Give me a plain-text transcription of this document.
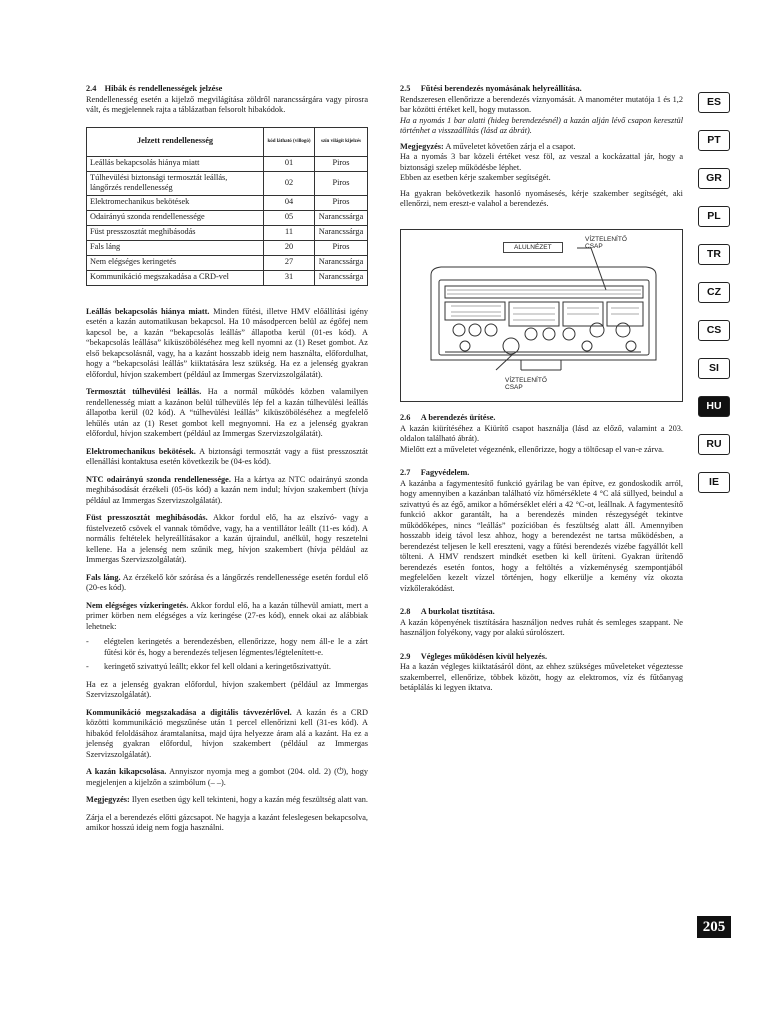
2.4    Hibák és rendellenességek jelzése

Rendellenesség esetén a kijelző megvilágítása zöldről narancssárgára vagy pirosra vált, és megjelennek rajta a táblázatban felsorolt hibakódok.

Jelzett rendellenesség	kód látható (villogó)	szín világít kijelzés
Leállás bekapcsolás hiánya miatt	01	Piros
Túlhevülési biztonsági termosztát leállás, lángőrzés rendellenesség	02	Piros
Elektromechanikus bekötések	04	Piros
Odairányú szonda rendellenessége	05	Narancssárga
Füst presszosztát meghibásodás	11	Narancssárga
Fals láng	20	Piros
Nem elégséges keringetés	27	Narancssárga
Kommunikáció megszakadása a CRD-vel	31	Narancssárga

Leállás bekapcsolás hiánya miatt. Minden fűtési, illetve HMV előállítási igény esetén a kazán automatikusan bekapcsol. Ha 10 másodpercen belül az égőfej nem kapcsol be, a kazán “bekapcsolás leállás” állapotba kerül (01-es kód). A “bekapcsolás leállása” kiküszöböléséhez meg kell nyomni az (1) Reset gombot. Az első bekapcsolásnál, vagy, ha a kazánt hosszabb ideig nem használta, előfordulhat, hogy a “bekapcsolási leállás” kiiktatására lesz szükség. Ha ez a jelenség gyakran előfordul, hívjon szakembert (például az Immergas Szervizszolgálatát).

Termosztát túlhevülési leállás. Ha a normál működés közben valamilyen rendellenesség miatt a kazánon belül túlhevülés lép fel a kazán túlhevülési leállás állapotba kerül (02 kód). A “túlhevülési leállás” kiküszöböléséhez a megfelelő lehűlés után az (1) Reset gombot kell megnyomni. Ha ez a jelenség gyakran előfordul, hívjon szakembert (például az Immergas Szervizszolgálatát).

Elektromechanikus bekötések. A biztonsági termosztát vagy a füst presszosztát ellenállási kontaktusa esetén következik be (04-es kód).

NTC odairányú szonda rendellenessége. Ha a kártya az NTC odairányú szonda meghibásodását érzékeli (05-ös kód) a kazán nem indul; hívjon szakembert (hívja például az Immergas Szervizszolgálatát).

Füst presszosztát meghibásodás. Akkor fordul elő, ha az elszívó- vagy a füstelvezető csövek el vannak tömődve, vagy, ha a ventillátor leállt (11-es kód). A normális feltételek helyreállításakor a kazán újraindul, anélkül, hogy reszetelni kellene. Ha a jelenség nem szűnik meg, hívjon szakembert (hívja például az Immergas Szervizszolgálatát).

Fals láng. Az érzékelő kör szórása és a lángőrzés rendellenessége esetén fordul elő (20-es kód).

Nem elégséges vízkeringetés. Akkor fordul elő, ha a kazán túlhevül amiatt, mert a primer körben nem elégséges a víz keringése (27-es kód), ennek okai az alábbiak lehetnek:

- elégtelen keringetés a berendezésben, ellenőrizze, hogy nem áll-e le a zárt fűtési kör és, hogy a berendezés teljesen légmentes/légtelenített-e.
- keringető szivattyú leállt; ekkor fel kell oldani a keringetőszivattyút.

Ha ez a jelenség gyakran előfordul, hívjon szakembert (például az Immergas Szervizszolgálatát).

Kommunikáció megszakadása a digitális távvezérlővel. A kazán és a CRD közötti kommunikáció megszűnése után 1 percel ellenőrizni kell (31-es kód). A hibakód feloldásához áramtalanítsa, majd újra helyezze áram alá a kazánt. Ha ez a jelenség gyakran előfordul, hívjon szakembert (például az Immergas Szervizszolgálatát).

A kazán kikapcsolása. Annyiszor nyomja meg a gombot (204. old. 2) (⏻), hogy megjelenjen a kijelzőn a szimbólum (– –).

Megjegyzés: Ilyen esetben úgy kell tekinteni, hogy a kazán még feszültség alatt van.

Zárja el a berendezés előtti gázcsapot. Ne hagyja a kazánt feleslegesen bekapcsolva, amikor hosszú ideig nem fogja használni.

2.5     Fűtési berendezés nyomásának helyreállítása.

Rendszeresen ellenőrizze a berendezés víznyomását. A manométer mutatója 1 és 1,2 bar közötti értéket kell, hogy mutasson.
Ha a nyomás 1 bar alatti (hideg berendezésnél) a kazán alján lévő csapon keresztül történhet a visszaállítás (lásd az ábrát).

Megjegyzés: A műveletet követően zárja el a csapot.

Ha a nyomás 3 bar közeli értéket vesz föl, az veszal a kockázattal jár, hogy a biztonsági szelep működésbe léphet.

Ebben az esetben kérje szakember segítségét.

Ha gyakran bekövetkezik hasonló nyomásesés, kérje szakember segítségét, aki ellenőrzi, nem ereszt-e valahol a berendezés.

ALULNÉZET
VÍZTELENÍTŐ CSAP
VÍZTELENÍTŐ CSAP

2.6     A berendezés ürítése.

A kazán kiürítéséhez a Kiürítő csapot használja (lásd az előző, valamint a 203. oldalon található ábrát).

Mielőtt ezt a műveletet végeznénk, ellenőrizze, hogy a töltőcsap el van-e zárva.

2.7     Fagyvédelem.

A kazánba a fagymentesítő funkció gyárilag be van építve, ez gondoskodik arról, hogy amennyiben a kazánban található víz hőmérséklete 4 °C alá süllyed, beindul a szivattyú és az égő, amikor a hőmérséklet eléri a 42 °C-ot, leállnak. A fagymentesítő funkció akkor garantált, ha a berendezés minden részegységét tekintve működőképes, nincs “leállás” pozícióban és feszültség alatt áll. Amennyiben hosszabb ideig távol lesz ahhoz, hogy a berendezést ne tartsa működésben, a berendezést teljesen le kell ereszteni, vagy a fűtési berendezés vizébe fagyállót kell tölteni. A HMV rendszert mindkét esetben ki kell üríteni. Gyakran ürítendő berendezés esetén fontos, hogy a feltöltés a vízkeménység szempontjából megfelelően kezelt vízzel történjen, hogy elkerülje a kemény víz okozta vízkőlerakódást.

2.8     A burkolat tisztítása.

A kazán köpenyének tisztítására használjon nedves ruhát és semleges szappant. Ne használjon folyékony, vagy por alakú súrolószert.

2.9     Végleges működésen kívül helyezés.

Ha a kazán végleges kiiktatásáról dönt, az ehhez szükséges műveleteket végeztesse szakemberrel, ellenőrize, többek között, hogy az elektromos, víz és fűtőanyag betáplálás ki legyen iktatva.

ES
PT
GR
PL
TR
CZ
CS
SI
HU
RU
IE
205
